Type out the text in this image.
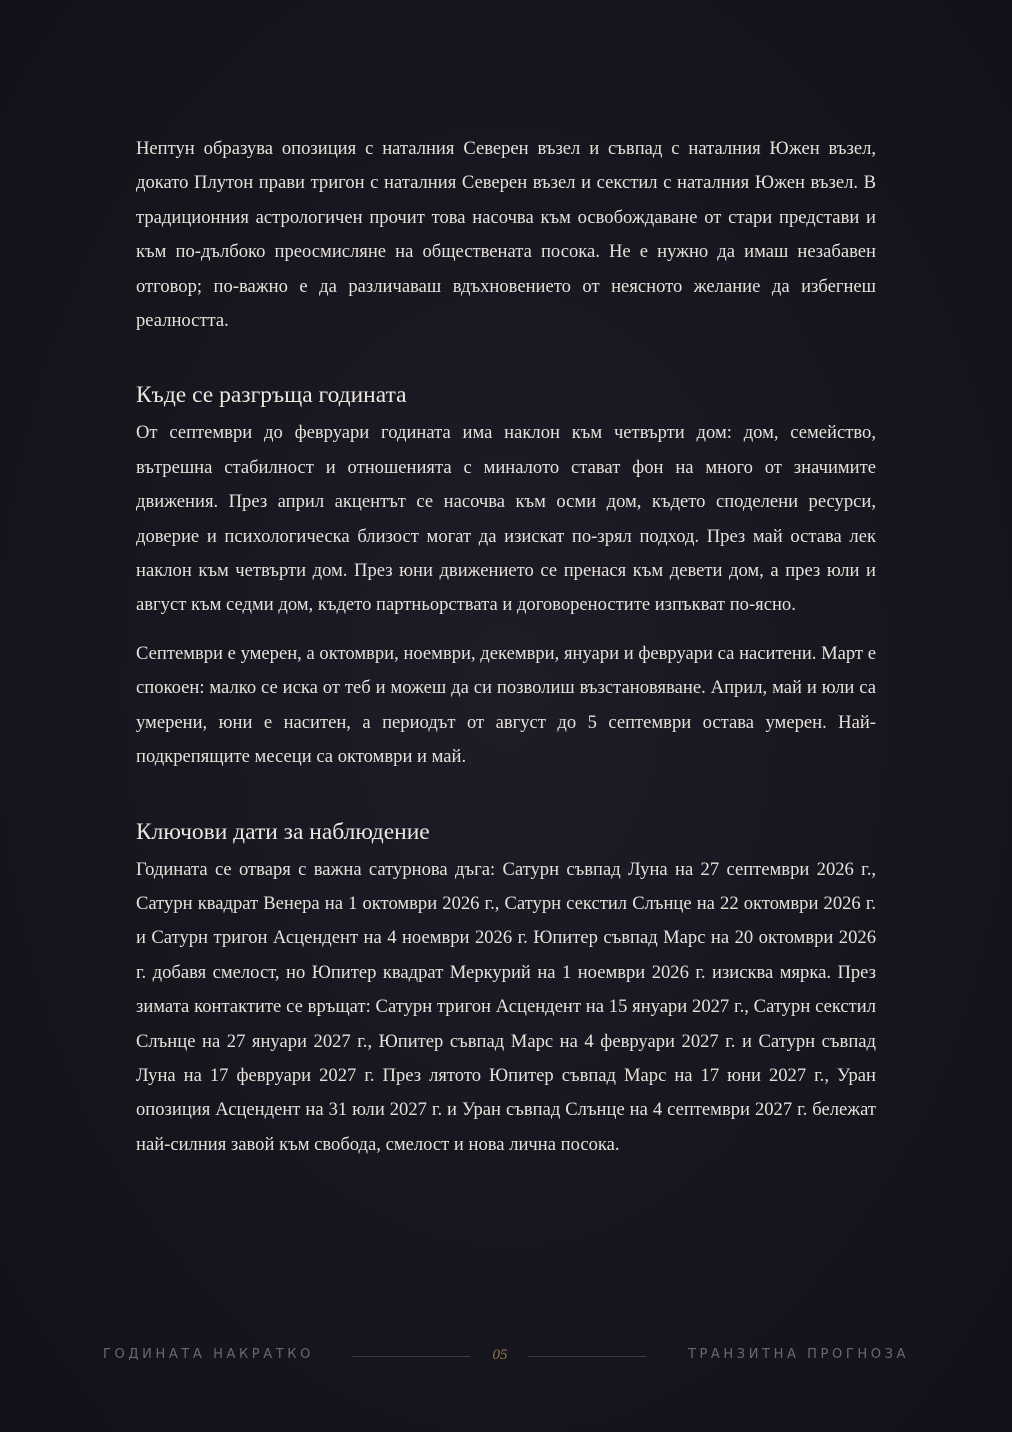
Нептун образува опозиция с наталния Северен възел и съвпад с наталния Южен възел, докато Плутон прави тригон с наталния Северен възел и секстил с наталния Южен възел. В традиционния астрологичен прочит това насочва към освобождаване от стари представи и към по-дълбоко преосмисляне на обществената посока. Не е нужно да имаш незабавен отговор; по-важно е да различаваш вдъхновението от неясното желание да избегнеш реалността.

Къде се разгръща годината

От септември до февруари годината има наклон към четвърти дом: дом, семейство, вътрешна стабилност и отношенията с миналото стават фон на много от значимите движения. През април акцентът се насочва към осми дом, където споделени ресурси, доверие и психологическа близост могат да изискат по-зрял подход. През май остава лек наклон към четвърти дом. През юни движението се пренася към девети дом, а през юли и август към седми дом, където партньорствата и договореностите изпъкват по-ясно.

Септември е умерен, а октомври, ноември, декември, януари и февруари са наситени. Март е спокоен: малко се иска от теб и можеш да си позволиш възстановяване. Април, май и юли са умерени, юни е наситен, а периодът от август до 5 септември остава умерен. Най-подкрепящите месеци са октомври и май.

Ключови дати за наблюдение

Годината се отваря с важна сатурнова дъга: Сатурн съвпад Луна на 27 септември 2026 г., Сатурн квадрат Венера на 1 октомври 2026 г., Сатурн секстил Слънце на 22 октомври 2026 г. и Сатурн тригон Асцендент на 4 ноември 2026 г. Юпитер съвпад Марс на 20 октомври 2026 г. добавя смелост, но Юпитер квадрат Меркурий на 1 ноември 2026 г. изисква мярка. През зимата контактите се връщат: Сатурн тригон Асцендент на 15 януари 2027 г., Сатурн секстил Слънце на 27 януари 2027 г., Юпитер съвпад Марс на 4 февруари 2027 г. и Сатурн съвпад Луна на 17 февруари 2027 г. През лятото Юпитер съвпад Марс на 17 юни 2027 г., Уран опозиция Асцендент на 31 юли 2027 г. и Уран съвпад Слънце на 4 септември 2027 г. бележат най-силния завой към свобода, смелост и нова лична посока.

ГОДИНАТА НАКРАТКО	05	ТРАНЗИТНА ПРОГНОЗА
